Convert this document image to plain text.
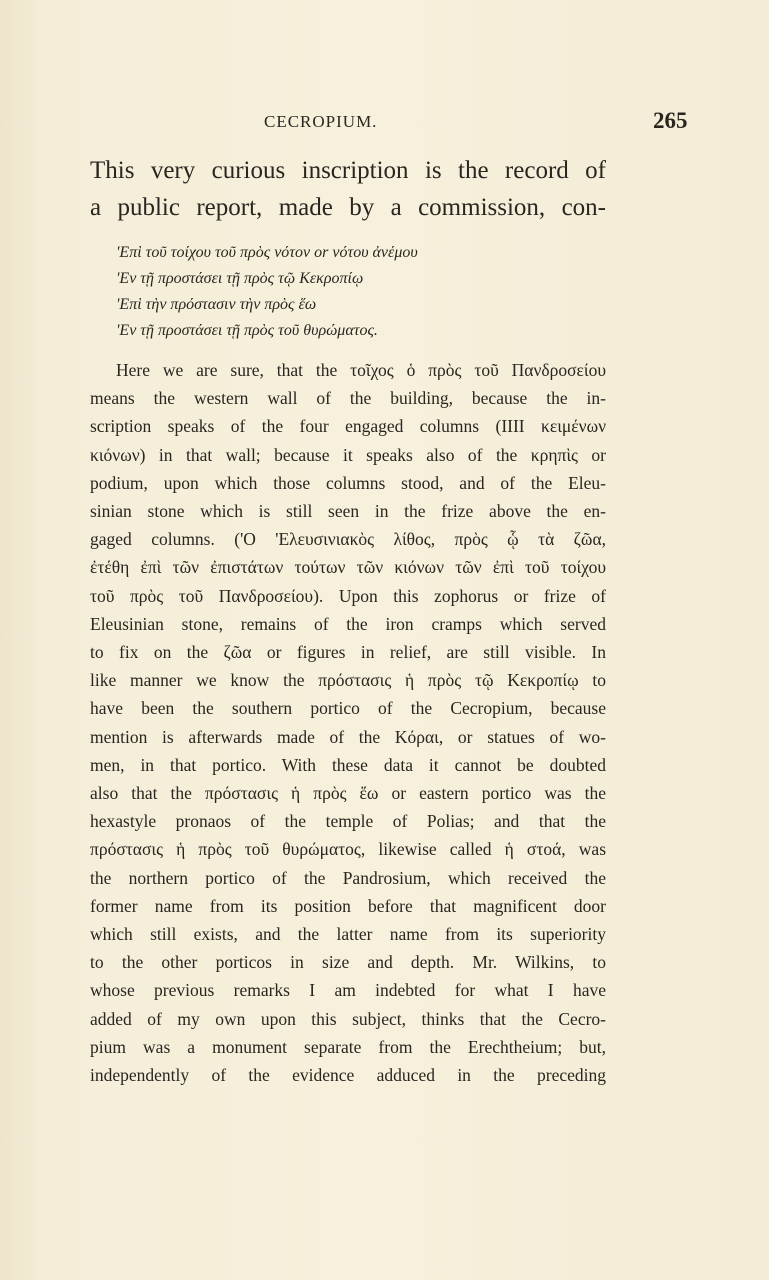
CECROPIUM.	265
This very curious inscription is the record of
a public report, made by a commission, con-
'Επὶ τοῦ τοίχου τοῦ πρὸς νότον or νότου ἀνέμου
'Εν τῇ προστάσει τῇ πρὸς τῷ Κεκροπίῳ
'Επὶ τὴν πρόστασιν τὴν πρὸς ἕω
'Εν τῇ προστάσει τῇ πρὸς τοῦ θυρώματος.
Here we are sure, that the τοῖχος ὁ πρὸς τοῦ Πανδροσείου
means the western wall of the building, because the in-
scription speaks of the four engaged columns (IIII κειμένων
κιόνων) in that wall; because it speaks also of the κρηπὶς or
podium, upon which those columns stood, and of the Eleu-
sinian stone which is still seen in the frize above the en-
gaged columns. ('Ο 'Ελευσινιακὸς λίθος, πρὸς ᾧ τὰ ζῶα,
ἐτέθη ἐπὶ τῶν ἐπιστάτων τούτων τῶν κιόνων τῶν ἐπὶ τοῦ τοίχου
τοῦ πρὸς τοῦ Πανδροσείου). Upon this zophorus or frize of
Eleusinian stone, remains of the iron cramps which served
to fix on the ζῶα or figures in relief, are still visible. In
like manner we know the πρόστασις ἡ πρὸς τῷ Κεκροπίῳ to
have been the southern portico of the Cecropium, because
mention is afterwards made of the Κόραι, or statues of wo-
men, in that portico. With these data it cannot be doubted
also that the πρόστασις ἡ πρὸς ἕω or eastern portico was the
hexastyle pronaos of the temple of Polias; and that the
πρόστασις ἡ πρὸς τοῦ θυρώματος, likewise called ἡ στοά, was
the northern portico of the Pandrosium, which received the
former name from its position before that magnificent door
which still exists, and the latter name from its superiority
to the other porticos in size and depth. Mr. Wilkins, to
whose previous remarks I am indebted for what I have
added of my own upon this subject, thinks that the Cecro-
pium was a monument separate from the Erechtheium; but,
independently of the evidence adduced in the preceding
